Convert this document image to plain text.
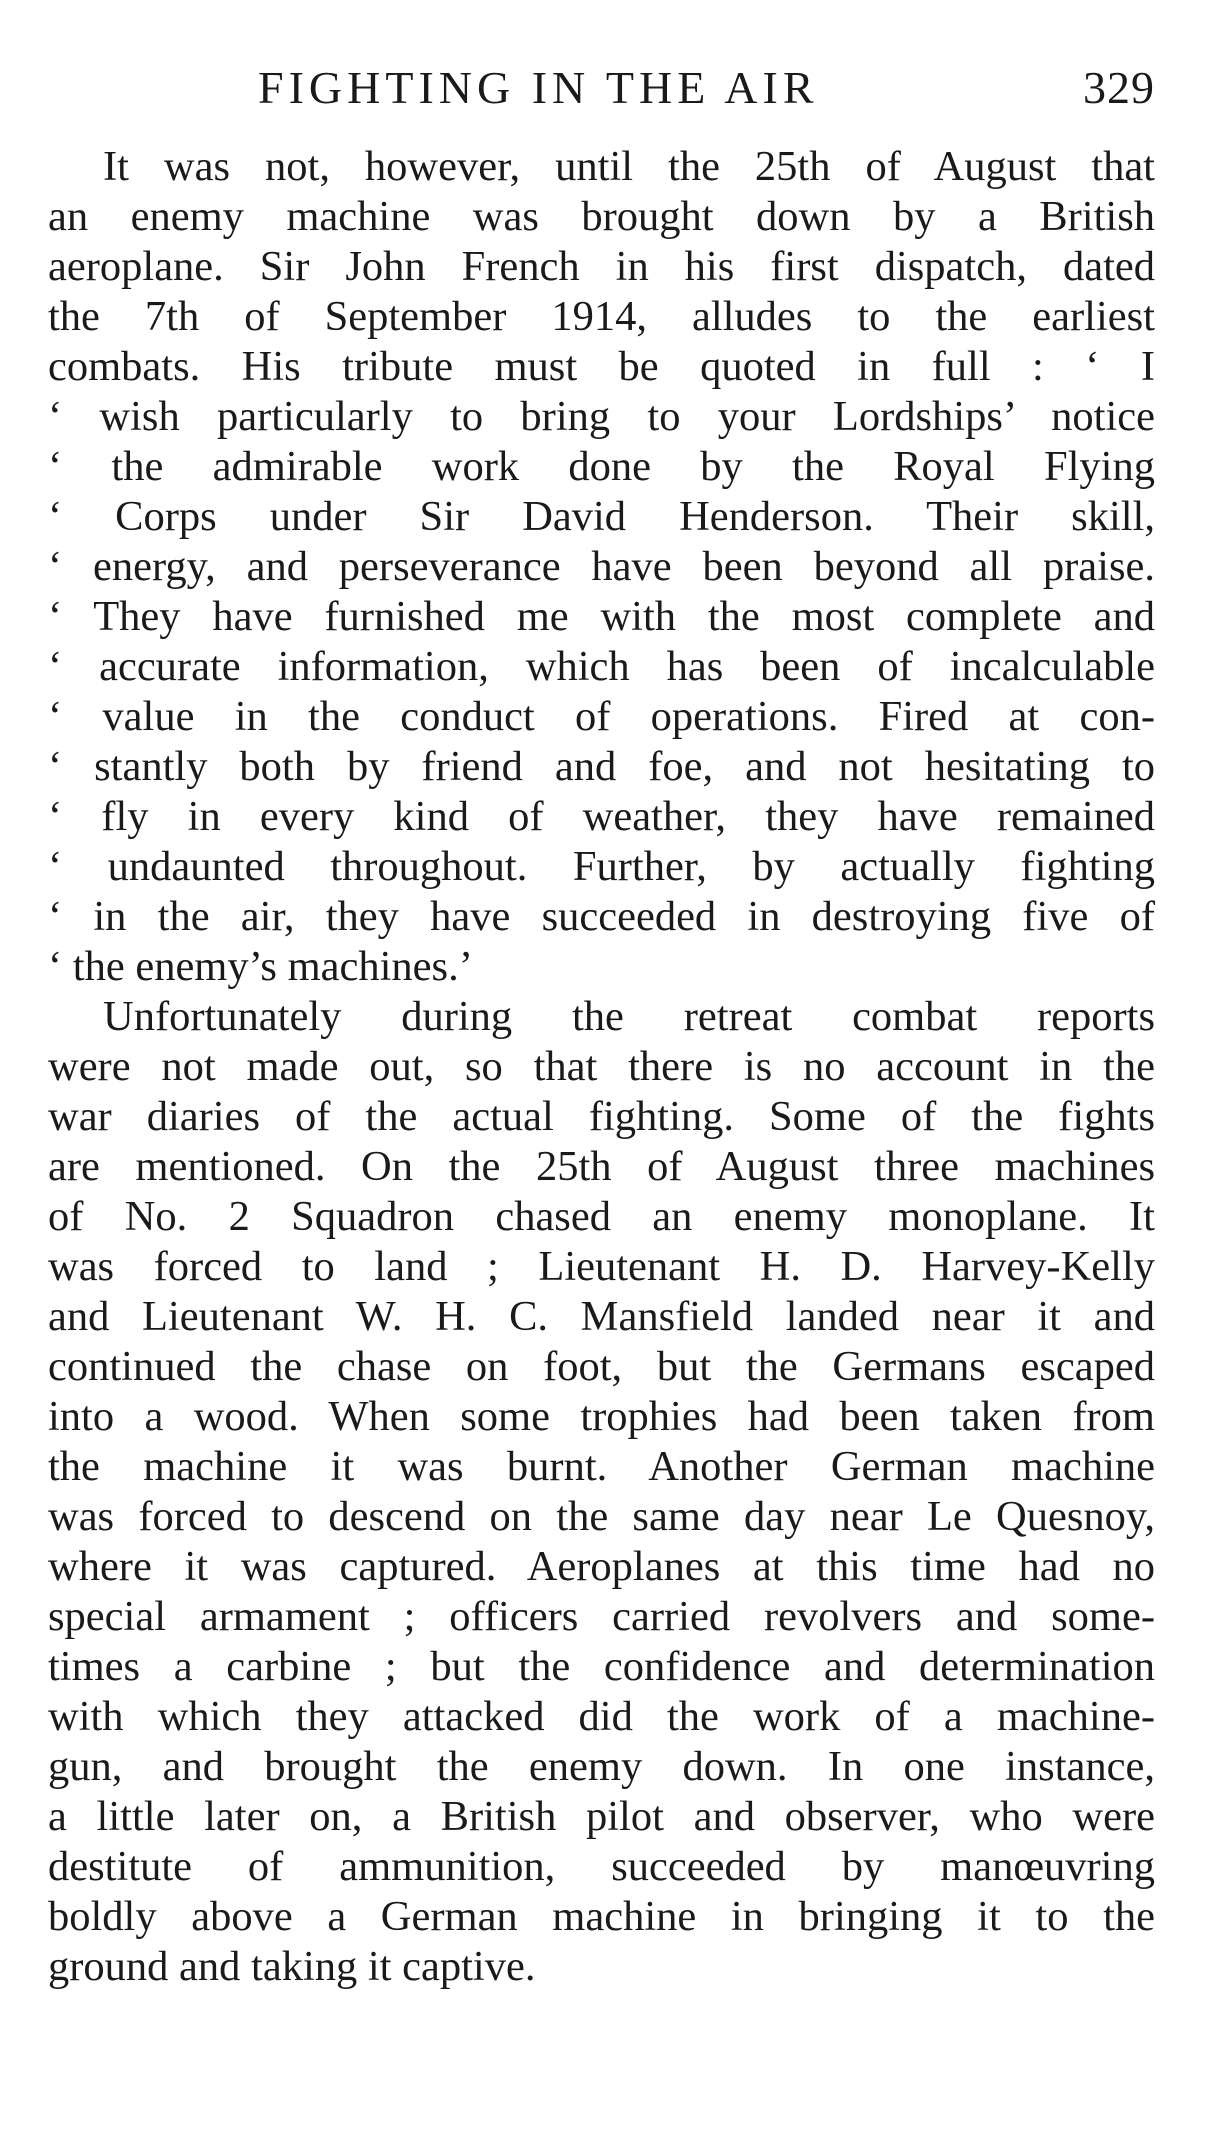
FIGHTING IN THE AIR	329
It was not, however, until the 25th of August that
an enemy machine was brought down by a British
aeroplane. Sir John French in his first dispatch, dated
the 7th of September 1914, alludes to the earliest
combats. His tribute must be quoted in full : ‘ I
‘ wish particularly to bring to your Lordships’ notice
‘ the admirable work done by the Royal Flying
‘ Corps under Sir David Henderson. Their skill,
‘ energy, and perseverance have been beyond all praise.
‘ They have furnished me with the most complete and
‘ accurate information, which has been of incalculable
‘ value in the conduct of operations. Fired at con-
‘ stantly both by friend and foe, and not hesitating to
‘ fly in every kind of weather, they have remained
‘ undaunted throughout. Further, by actually fighting
‘ in the air, they have succeeded in destroying five of
‘ the enemy’s machines.’
Unfortunately during the retreat combat reports
were not made out, so that there is no account in the
war diaries of the actual fighting. Some of the fights
are mentioned. On the 25th of August three machines
of No. 2 Squadron chased an enemy monoplane. It
was forced to land ; Lieutenant H. D. Harvey-Kelly
and Lieutenant W. H. C. Mansfield landed near it and
continued the chase on foot, but the Germans escaped
into a wood. When some trophies had been taken from
the machine it was burnt. Another German machine
was forced to descend on the same day near Le Quesnoy,
where it was captured. Aeroplanes at this time had no
special armament ; officers carried revolvers and some-
times a carbine ; but the confidence and determination
with which they attacked did the work of a machine-
gun, and brought the enemy down. In one instance,
a little later on, a British pilot and observer, who were
destitute of ammunition, succeeded by manœuvring
boldly above a German machine in bringing it to the
ground and taking it captive.
